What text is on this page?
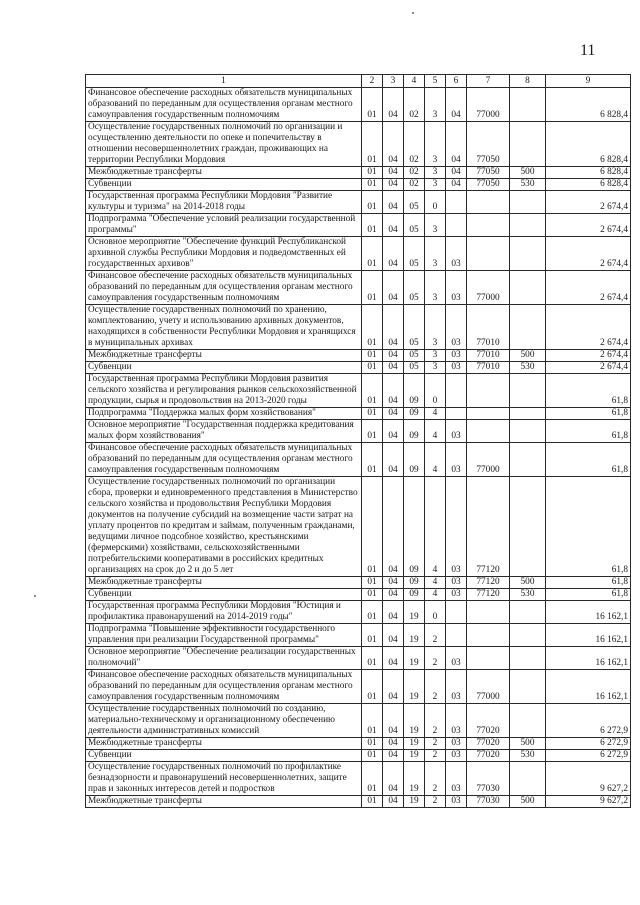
11
1	2	3	4	5	6	7	8	9
Финансовое обеспечение расходных обязательств муниципальных образований по переданным для осуществления органам местного самоуправления государственным полномочиям	01	04	02	3	04	77000		6 828,4
Осуществление государственных полномочий по организации и осуществлению деятельности по опеке и попечительству в отношении несовершеннолетних граждан, проживающих на территории Республики Мордовия	01	04	02	3	04	77050		6 828,4
Межбюджетные трансферты	01	04	02	3	04	77050	500	6 828,4
Субвенции	01	04	02	3	04	77050	530	6 828,4
Государственная программа Республики Мордовия "Развитие культуры и туризма" на 2014-2018 годы	01	04	05	0				2 674,4
Подпрограмма "Обеспечение условий реализации государственной программы"	01	04	05	3				2 674,4
Основное мероприятие "Обеспечение функций Республиканской архивной службы Республики Мордовия и подведомственных ей государственных архивов"	01	04	05	3	03			2 674,4
Финансовое обеспечение расходных обязательств муниципальных образований по переданным для осуществления органам местного самоуправления государственным полномочиям	01	04	05	3	03	77000		2 674,4
Осуществление государственных полномочий по хранению, комплектованию, учету и использованию архивных документов, находящихся в собственности Республики Мордовия и хранящихся в муниципальных архивах	01	04	05	3	03	77010		2 674,4
Межбюджетные трансферты	01	04	05	3	03	77010	500	2 674,4
Субвенции	01	04	05	3	03	77010	530	2 674,4
Государственная программа Республики Мордовия развития сельского хозяйства и регулирования рынков сельскохозяйственной продукции, сырья и продовольствия на 2013-2020 годы	01	04	09	0				61,8
Подпрограмма "Поддержка малых форм хозяйствования"	01	04	09	4				61,8
Основное мероприятие "Государственная поддержка кредитования малых форм хозяйствования"	01	04	09	4	03			61,8
Финансовое обеспечение расходных обязательств муниципальных образований по переданным для осуществления органам местного самоуправления государственным полномочиям	01	04	09	4	03	77000		61,8
Осуществление государственных полномочий по организации сбора, проверки и единовременного представления в Министерство сельского хозяйства и продовольствия Республики Мордовия документов на получение субсидий на возмещение части затрат на уплату процентов по кредитам и займам, полученным гражданами, ведущими личное подсобное хозяйство, крестьянскими (фермерскими) хозяйствами, сельскохозяйственными потребительскими кооперативами в российских кредитных организациях на срок до 2 и до 5 лет	01	04	09	4	03	77120		61,8
Межбюджетные трансферты	01	04	09	4	03	77120	500	61,8
Субвенции	01	04	09	4	03	77120	530	61,8
Государственная программа Республики Мордовия "Юстиция и профилактика правонарушений на 2014-2019 годы"	01	04	19	0				16 162,1
Подпрограмма "Повышение эффективности государственного управления при реализации Государственной программы"	01	04	19	2				16 162,1
Основное мероприятие "Обеспечение реализации государственных полномочий"	01	04	19	2	03			16 162,1
Финансовое обеспечение расходных обязательств муниципальных образований по переданным для осуществления органам местного самоуправления государственным полномочиям	01	04	19	2	03	77000		16 162,1
Осуществление государственных полномочий по созданию, материально-техническому и организационному обеспечению деятельности административных комиссий	01	04	19	2	03	77020		6 272,9
Межбюджетные трансферты	01	04	19	2	03	77020	500	6 272,9
Субвенции	01	04	19	2	03	77020	530	6 272,9
Осуществление государственных полномочий по профилактике безнадзорности и правонарушений несовершеннолетних, защите прав и законных интересов детей и подростков	01	04	19	2	03	77030		9 627,2
Межбюджетные трансферты	01	04	19	2	03	77030	500	9 627,2
